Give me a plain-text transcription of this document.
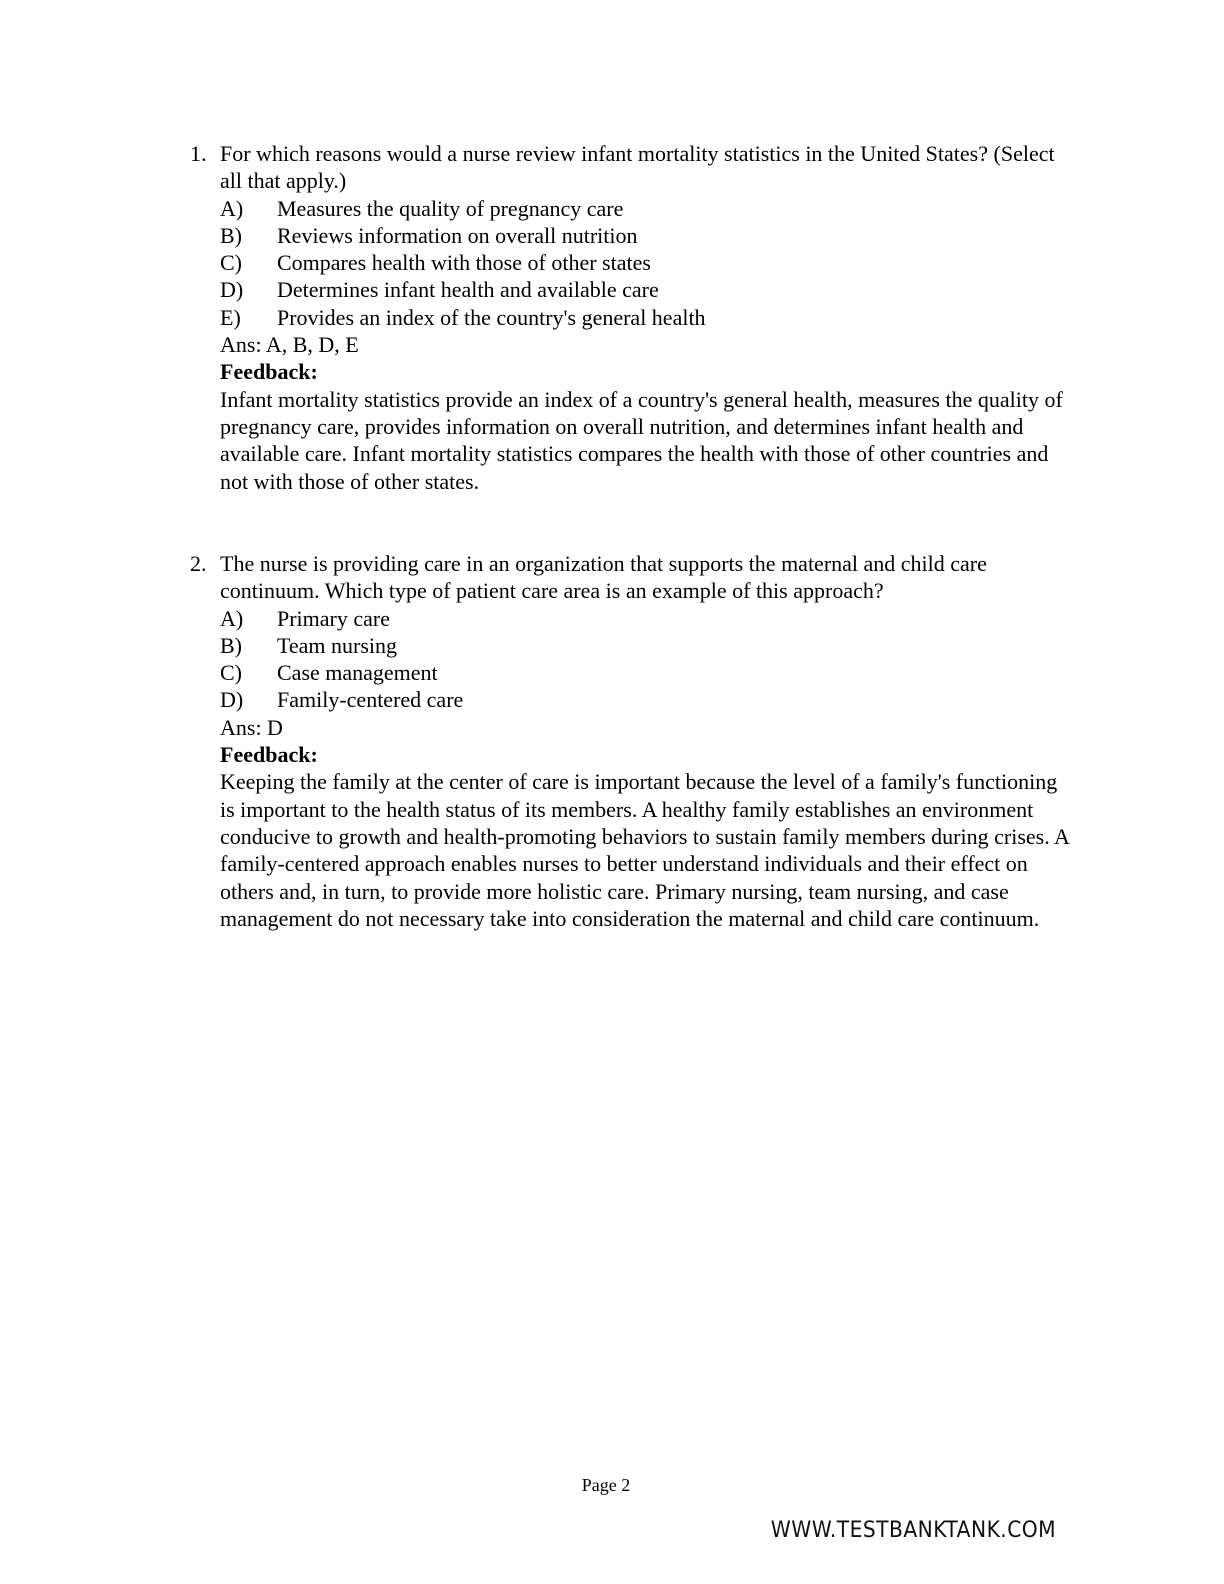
1. For which reasons would a nurse review infant mortality statistics in the United States? (Select all that apply.)
A)	Measures the quality of pregnancy care
B)	Reviews information on overall nutrition
C)	Compares health with those of other states
D)	Determines infant health and available care
E)	Provides an index of the country's general health
Ans: A, B, D, E
Feedback:
Infant mortality statistics provide an index of a country's general health, measures the quality of pregnancy care, provides information on overall nutrition, and determines infant health and available care. Infant mortality statistics compares the health with those of other countries and not with those of other states.
2. The nurse is providing care in an organization that supports the maternal and child care continuum. Which type of patient care area is an example of this approach?
A)	Primary care
B)	Team nursing
C)	Case management
D)	Family-centered care
Ans: D
Feedback:
Keeping the family at the center of care is important because the level of a family's functioning is important to the health status of its members. A healthy family establishes an environment conducive to growth and health-promoting behaviors to sustain family members during crises. A family-centered approach enables nurses to better understand individuals and their effect on others and, in turn, to provide more holistic care. Primary nursing, team nursing, and case management do not necessary take into consideration the maternal and child care continuum.
Page 2
WWW.TESTBANKTANK.COM
